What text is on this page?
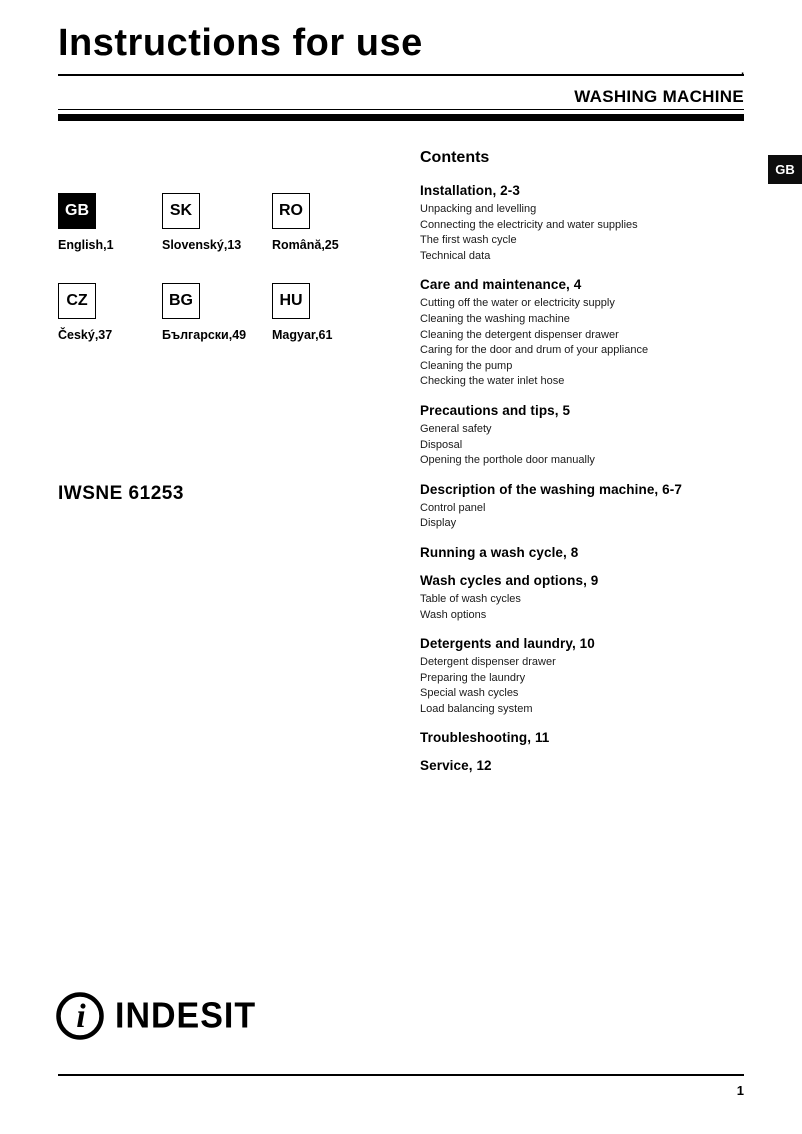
Instructions for use
'
WASHING MACHINE
GB
GB
English,1
SK
Slovenský,13
RO
Română,25
CZ
Český,37
BG
Български,49
HU
Magyar,61
IWSNE 61253
Contents
Installation, 2-3
Unpacking and levelling
Connecting the electricity and water supplies
The first wash cycle
Technical data
Care and maintenance, 4
Cutting off the water or electricity supply
Cleaning the washing machine
Cleaning the detergent dispenser drawer
Caring for the door and drum of your appliance
Cleaning the pump
Checking the water inlet hose
Precautions and tips, 5
General safety
Disposal
Opening the porthole door manually
Description of the washing machine, 6-7
Control panel
Display
Running a wash cycle, 8
Wash cycles and options, 9
Table of wash cycles
Wash options
Detergents and laundry, 10
Detergent dispenser drawer
Preparing the laundry
Special wash cycles
Load balancing system
Troubleshooting, 11
Service, 12
i INDESIT
1
